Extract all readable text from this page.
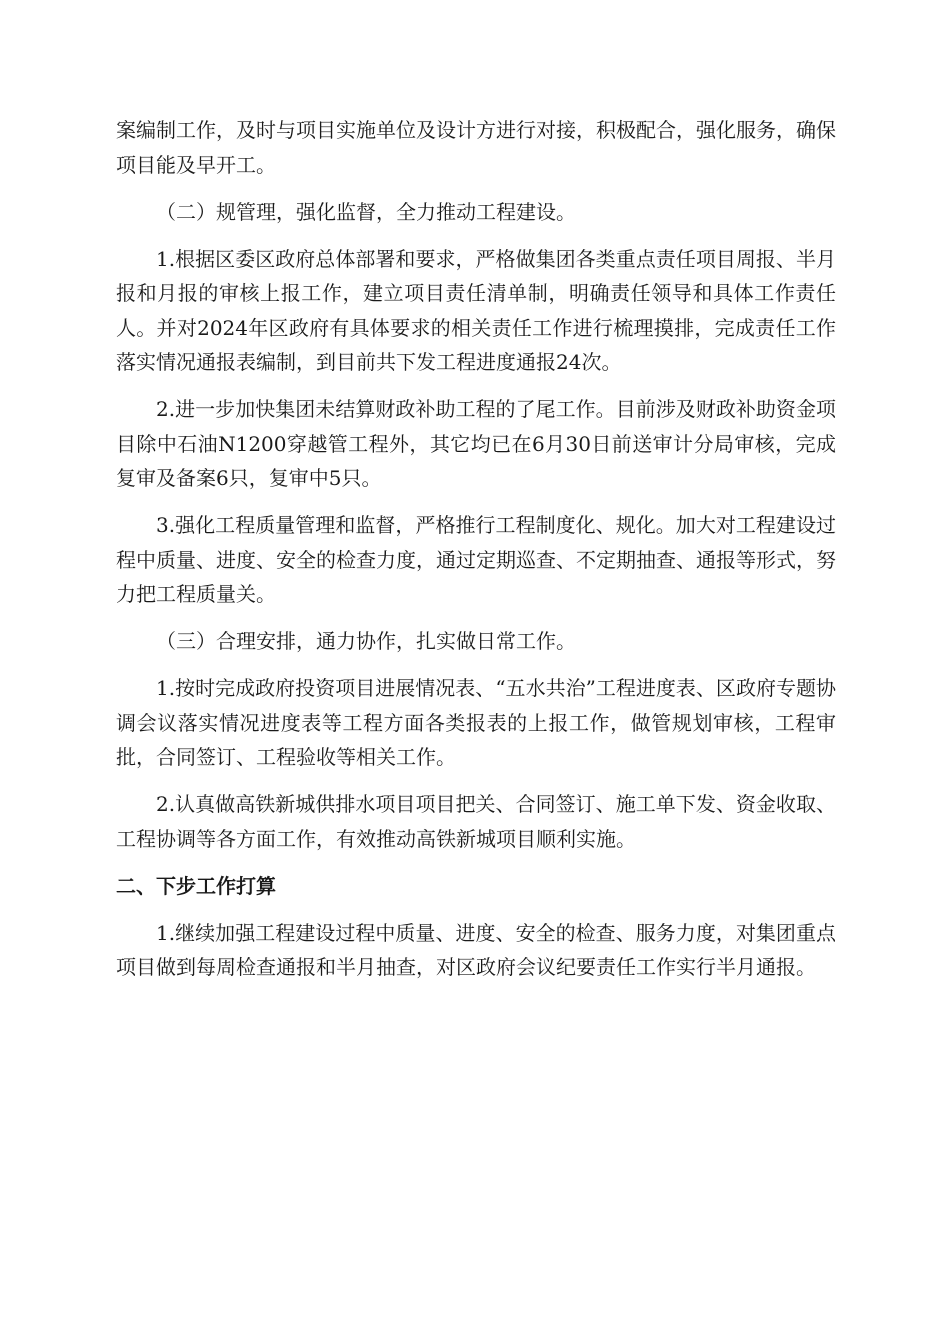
案编制工作，及时与项目实施单位及设计方进行对接，积极配合，强化服务，确保项目能及早开工。

（二）规管理，强化监督，全力推动工程建设。

1.根据区委区政府总体部署和要求，严格做集团各类重点责任项目周报、半月报和月报的审核上报工作，建立项目责任清单制，明确责任领导和具体工作责任人。并对2024年区政府有具体要求的相关责任工作进行梳理摸排，完成责任工作落实情况通报表编制，到目前共下发工程进度通报24次。

2.进一步加快集团未结算财政补助工程的了尾工作。目前涉及财政补助资金项目除中石油N1200穿越管工程外，其它均已在6月30日前送审计分局审核，完成复审及备案6只，复审中5只。

3.强化工程质量管理和监督，严格推行工程制度化、规化。加大对工程建设过程中质量、进度、安全的检查力度，通过定期巡查、不定期抽查、通报等形式，努力把工程质量关。

（三）合理安排，通力协作，扎实做日常工作。

1.按时完成政府投资项目进展情况表、“五水共治”工程进度表、区政府专题协调会议落实情况进度表等工程方面各类报表的上报工作，做管规划审核，工程审批，合同签订、工程验收等相关工作。

2.认真做高铁新城供排水项目项目把关、合同签订、施工单下发、资金收取、工程协调等各方面工作，有效推动高铁新城项目顺利实施。

二、下步工作打算

1.继续加强工程建设过程中质量、进度、安全的检查、服务力度，对集团重点项目做到每周检查通报和半月抽查，对区政府会议纪要责任工作实行半月通报。
